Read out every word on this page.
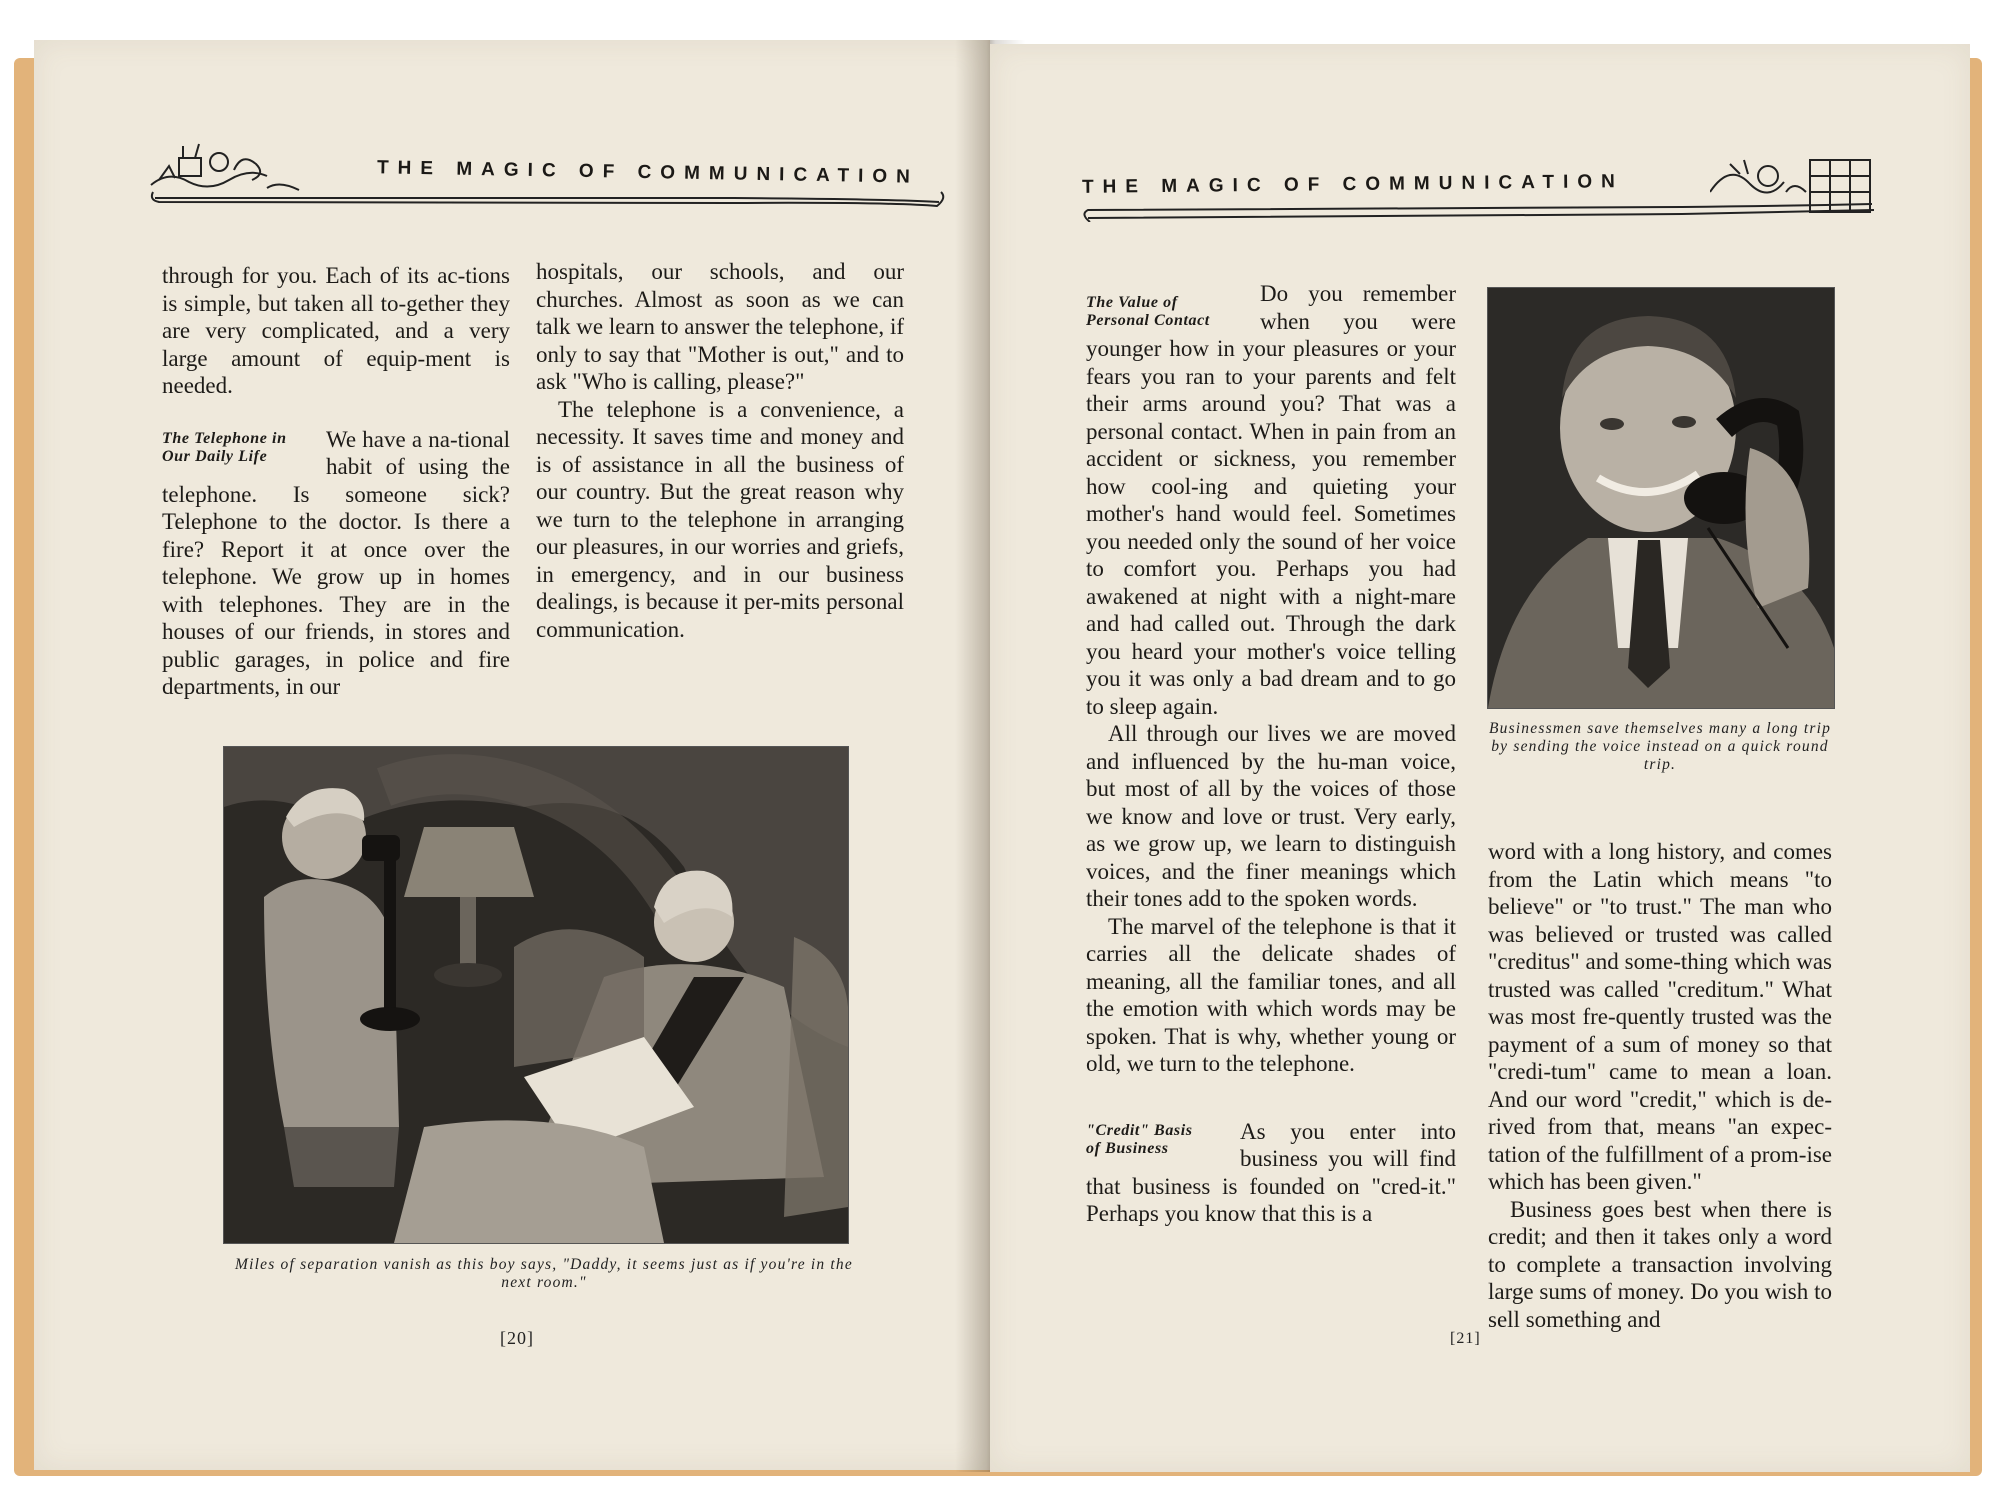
THE MAGIC OF COMMUNICATION

through for you. Each of its ac-tions is simple, but taken all to-gether they are very complicated, and a very large amount of equip-ment is needed.

The Telephone in
Our Daily Life

We have a na-tional habit of using the telephone. Is someone sick? Telephone to the doctor. Is there a fire? Report it at once over the telephone. We grow up in homes with telephones. They are in the houses of our friends, in stores and public garages, in police and fire departments, in our

hospitals, our schools, and our churches. Almost as soon as we can talk we learn to answer the telephone, if only to say that "Mother is out," and to ask "Who is calling, please?"

The telephone is a convenience, a necessity. It saves time and money and is of assistance in all the business of our country. But the great reason why we turn to the telephone in arranging our pleasures, in our worries and griefs, in emergency, and in our business dealings, is because it per-mits personal communication.

Miles of separation vanish as this boy says, "Daddy, it seems just as if you're in the next room."
[20]
THE MAGIC OF COMMUNICATION
The Value of
Personal Contact

Do you remember when you were younger how in your pleasures or your fears you ran to your parents and felt their arms around you? That was a personal contact. When in pain from an accident or sickness, you remember how cool-ing and quieting your mother's hand would feel. Sometimes you needed only the sound of her voice to comfort you. Perhaps you had awakened at night with a night-mare and had called out. Through the dark you heard your mother's voice telling you it was only a bad dream and to go to sleep again.

All through our lives we are moved and influenced by the hu-man voice, but most of all by the voices of those we know and love or trust. Very early, as we grow up, we learn to distinguish voices, and the finer meanings which their tones add to the spoken words.

The marvel of the telephone is that it carries all the delicate shades of meaning, all the familiar tones, and all the emotion with which words may be spoken. That is why, whether young or old, we turn to the telephone.

"Credit" Basis
of Business

As you enter into business you will find that business is founded on "cred-it." Perhaps you know that this is a

Businessmen save themselves many a long trip by sending the voice instead on a quick round trip.

word with a long history, and comes from the Latin which means "to believe" or "to trust." The man who was believed or trusted was called "creditus" and some-thing which was trusted was called "creditum." What was most fre-quently trusted was the payment of a sum of money so that "credi-tum" came to mean a loan. And our word "credit," which is de-rived from that, means "an expec-tation of the fulfillment of a prom-ise which has been given."

Business goes best when there is credit; and then it takes only a word to complete a transaction involving large sums of money. Do you wish to sell something and

[21]
